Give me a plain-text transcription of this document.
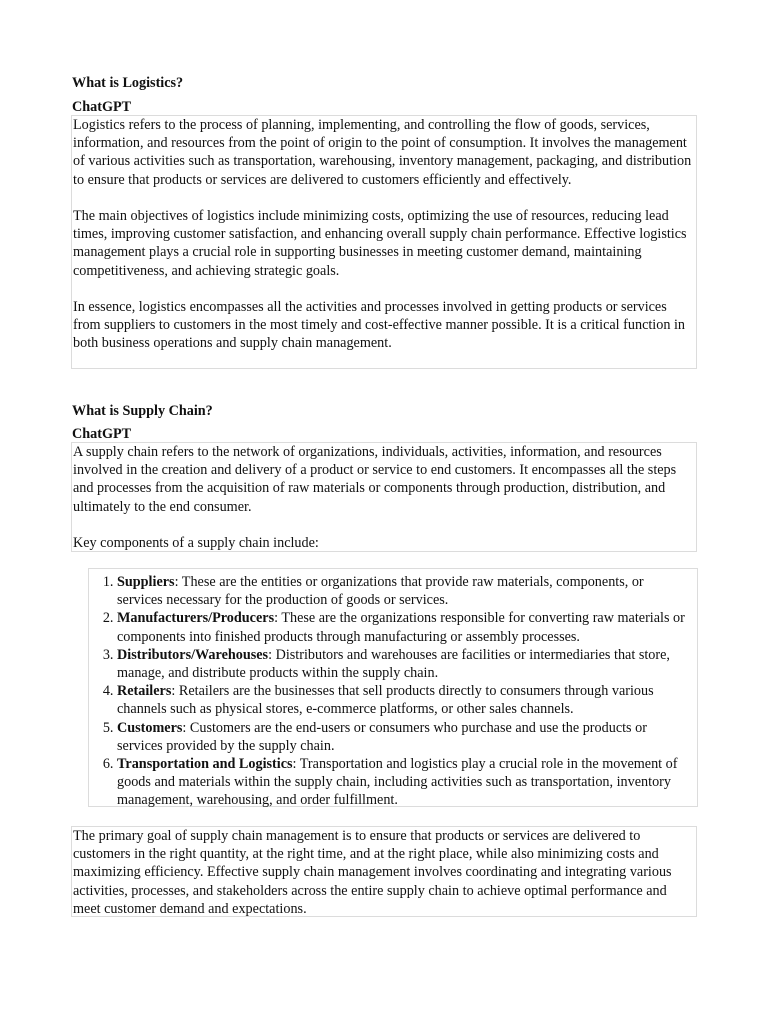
What is Logistics?
ChatGPT

Logistics refers to the process of planning, implementing, and controlling the flow of goods, services, information, and resources from the point of origin to the point of consumption. It involves the management of various activities such as transportation, warehousing, inventory management, packaging, and distribution to ensure that products or services are delivered to customers efficiently and effectively.

The main objectives of logistics include minimizing costs, optimizing the use of resources, reducing lead times, improving customer satisfaction, and enhancing overall supply chain performance. Effective logistics management plays a crucial role in supporting businesses in meeting customer demand, maintaining competitiveness, and achieving strategic goals.

In essence, logistics encompasses all the activities and processes involved in getting products or services from suppliers to customers in the most timely and cost-effective manner possible. It is a critical function in both business operations and supply chain management.

What is Supply Chain?
ChatGPT

A supply chain refers to the network of organizations, individuals, activities, information, and resources involved in the creation and delivery of a product or service to end customers. It encompasses all the steps and processes from the acquisition of raw materials or components through production, distribution, and ultimately to the end consumer.

Key components of a supply chain include:

1. Suppliers: These are the entities or organizations that provide raw materials, components, or services necessary for the production of goods or services.
2. Manufacturers/Producers: These are the organizations responsible for converting raw materials or components into finished products through manufacturing or assembly processes.
3. Distributors/Warehouses: Distributors and warehouses are facilities or intermediaries that store, manage, and distribute products within the supply chain.
4. Retailers: Retailers are the businesses that sell products directly to consumers through various channels such as physical stores, e-commerce platforms, or other sales channels.
5. Customers: Customers are the end-users or consumers who purchase and use the products or services provided by the supply chain.
6. Transportation and Logistics: Transportation and logistics play a crucial role in the movement of goods and materials within the supply chain, including activities such as transportation, inventory management, warehousing, and order fulfillment.

The primary goal of supply chain management is to ensure that products or services are delivered to customers in the right quantity, at the right time, and at the right place, while also minimizing costs and maximizing efficiency. Effective supply chain management involves coordinating and integrating various activities, processes, and stakeholders across the entire supply chain to achieve optimal performance and meet customer demand and expectations.
